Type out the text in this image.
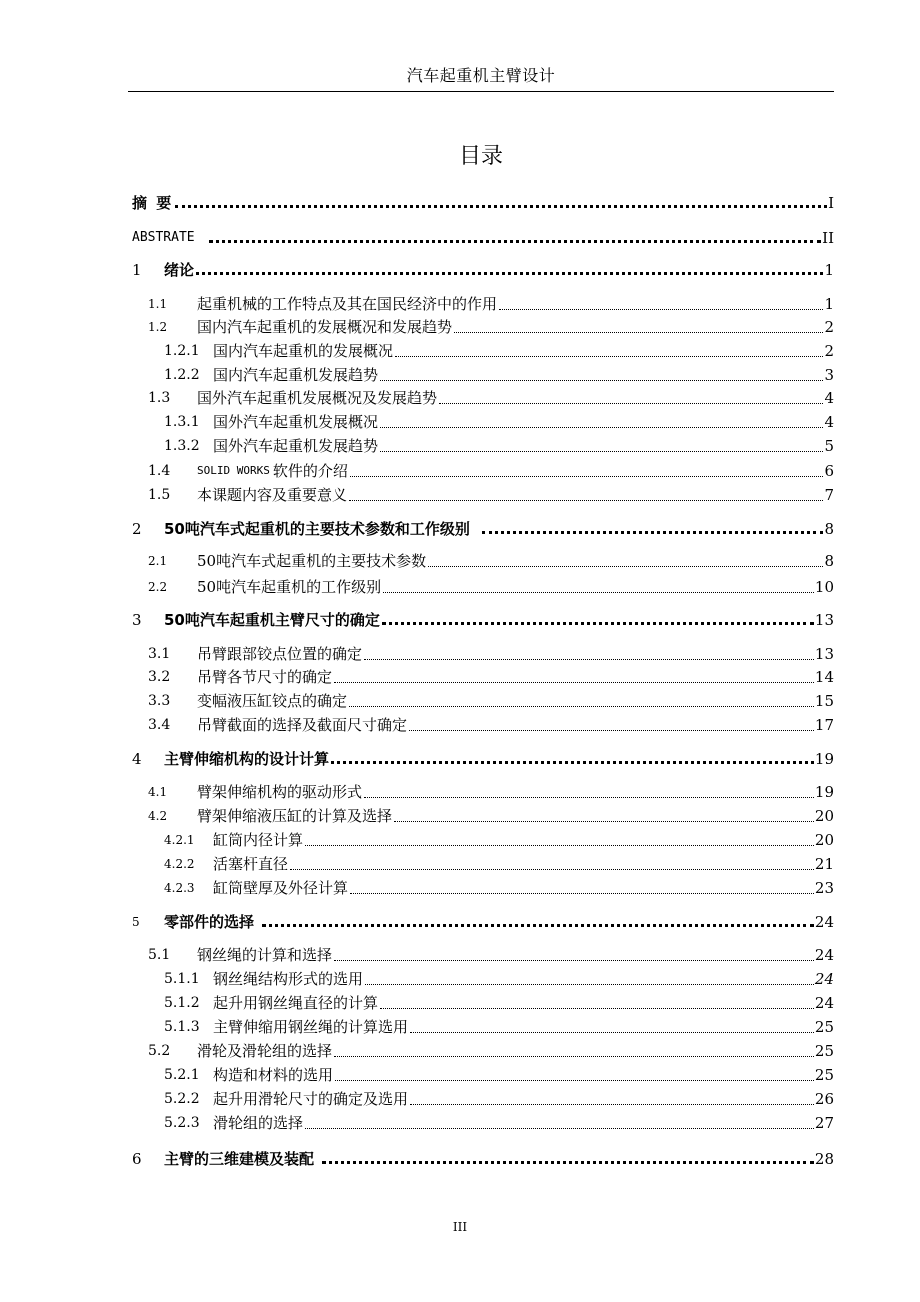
汽车起重机主臂设计
目录
摘 要	I
ABSTRATE	II
1 绪论	1
1.1 起重机械的工作特点及其在国民经济中的作用	1
1.2 国内汽车起重机的发展概况和发展趋势	2
1.2.1 国内汽车起重机的发展概况	2
1.2.2 国内汽车起重机发展趋势	3
1.3 国外汽车起重机发展概况及发展趋势	4
1.3.1 国外汽车起重机发展概况	4
1.3.2 国外汽车起重机发展趋势	5
1.4 SOLID WORKS 软件的介绍	6
1.5 本课题内容及重要意义	7
2 50吨汽车式起重机的主要技术参数和工作级别	8
2.1 50吨汽车式起重机的主要技术参数	8
2.2 50吨汽车起重机的工作级别	10
3 50吨汽车起重机主臂尺寸的确定	13
3.1 吊臂跟部铰点位置的确定	13
3.2 吊臂各节尺寸的确定	14
3.3 变幅液压缸铰点的确定	15
3.4 吊臂截面的选择及截面尺寸确定	17
4 主臂伸缩机构的设计计算	19
4.1 臂架伸缩机构的驱动形式	19
4.2 臂架伸缩液压缸的计算及选择	20
4.2.1 缸筒内径计算	20
4.2.2 活塞杆直径	21
4.2.3 缸筒壁厚及外径计算	23
5 零部件的选择	24
5.1 钢丝绳的计算和选择	24
5.1.1 钢丝绳结构形式的选用	24
5.1.2 起升用钢丝绳直径的计算	24
5.1.3 主臂伸缩用钢丝绳的计算选用	25
5.2 滑轮及滑轮组的选择	25
5.2.1 构造和材料的选用	25
5.2.2 起升用滑轮尺寸的确定及选用	26
5.2.3 滑轮组的选择	27
6 主臂的三维建模及装配	28
III
